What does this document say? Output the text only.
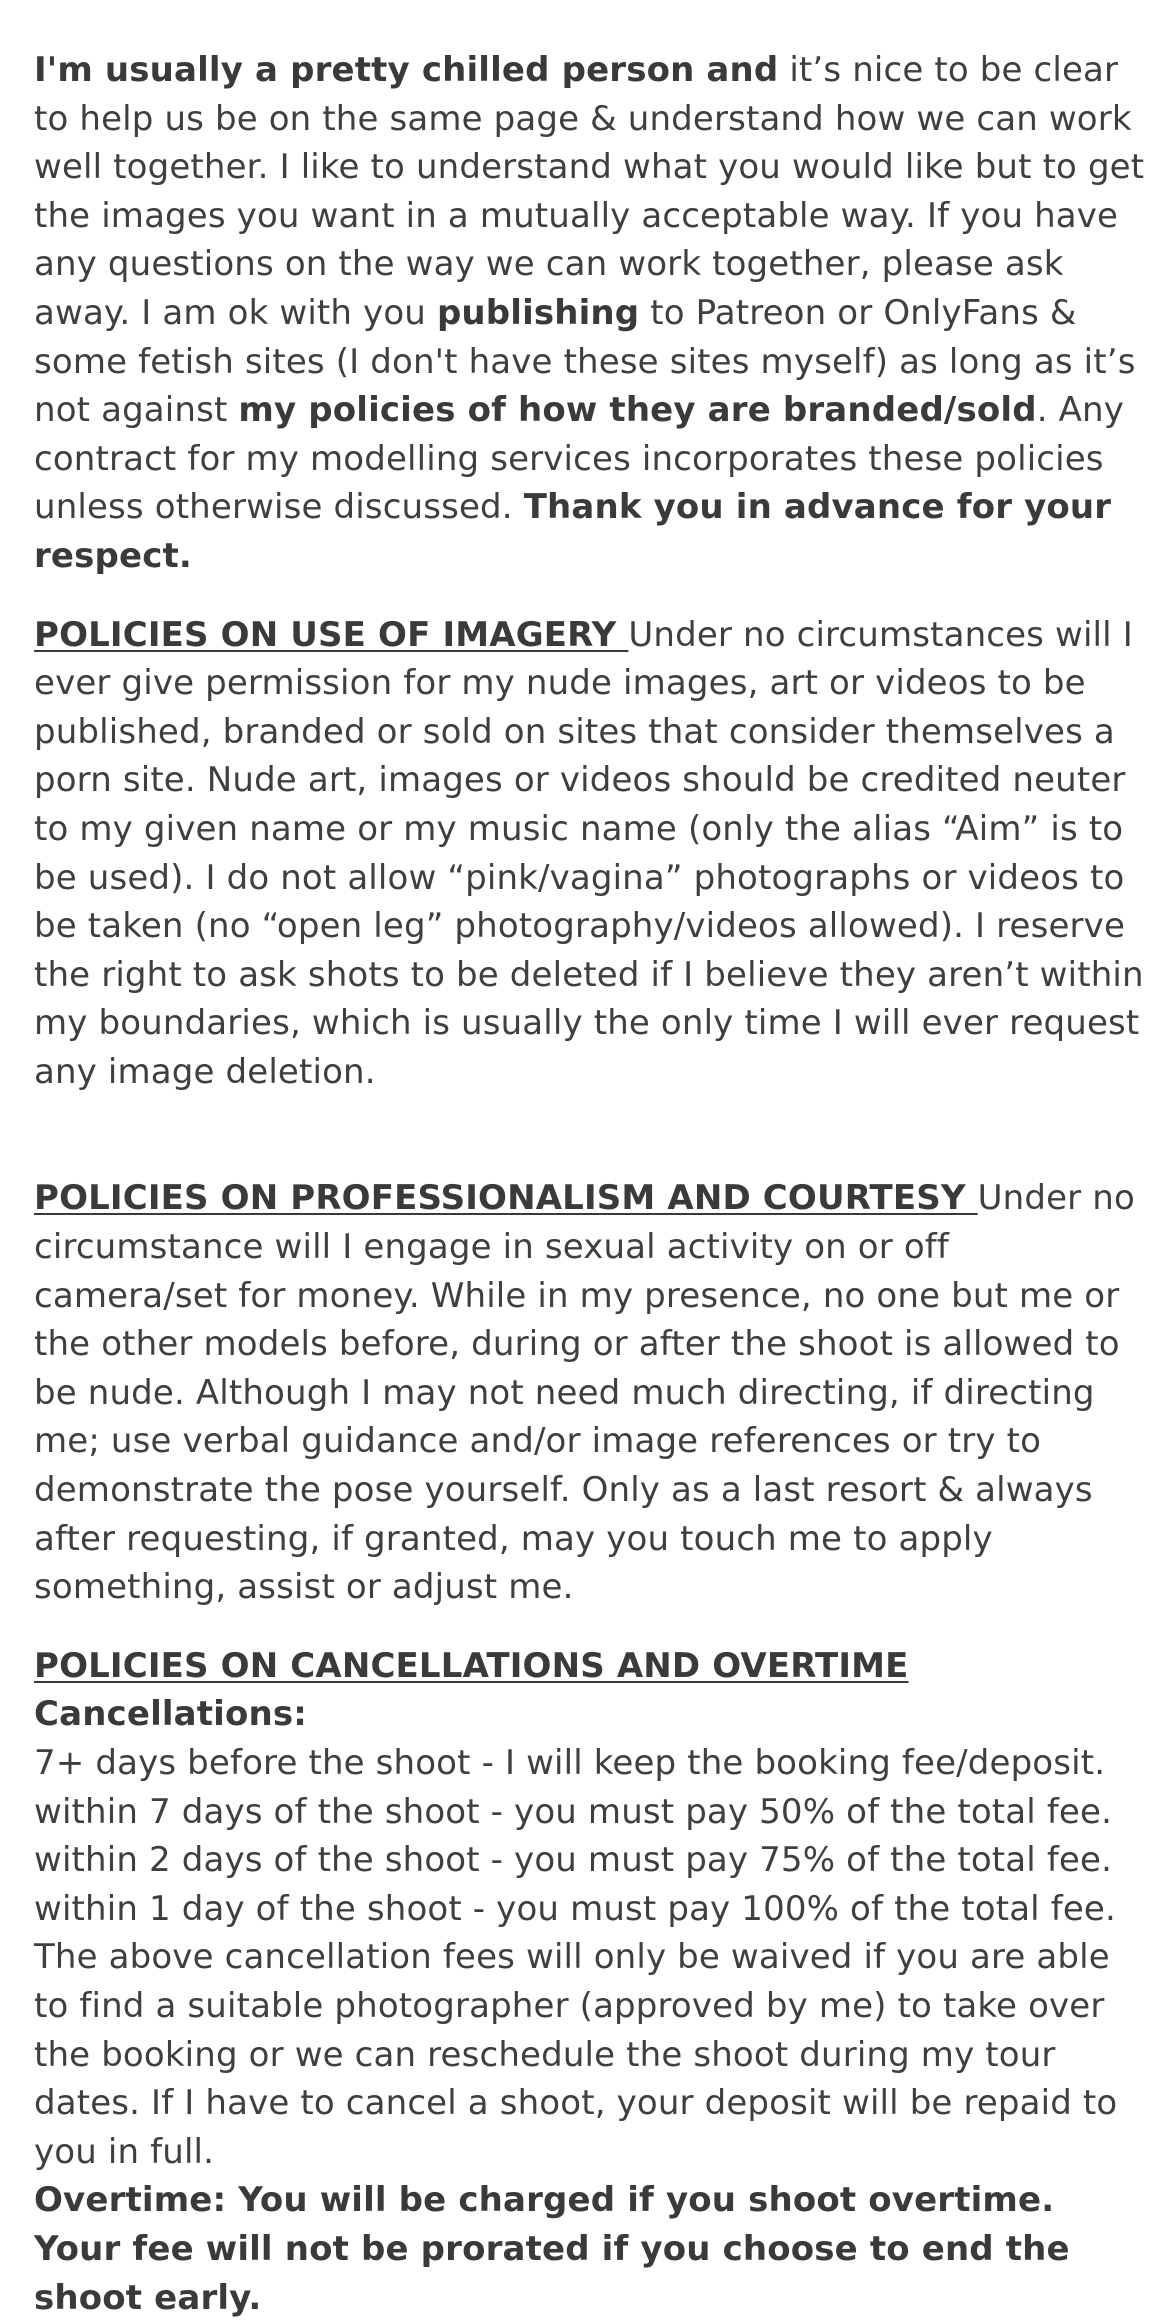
I'm usually a pretty chilled person and it’s nice to be clear to help us be on the same page & understand how we can work well together. I like to understand what you would like but to get the images you want in a mutually acceptable way. If you have any questions on the way we can work together, please ask away. I am ok with you publishing to Patreon or OnlyFans & some fetish sites (I don't have these sites myself) as long as it’s not against my policies of how they are branded/sold. Any contract for my modelling services incorporates these policies unless otherwise discussed. Thank you in advance for your respect.

POLICIES ON USE OF IMAGERY Under no circumstances will I ever give permission for my nude images, art or videos to be published, branded or sold on sites that consider themselves a porn site. Nude art, images or videos should be credited neuter to my given name or my music name (only the alias “Aim” is to be used). I do not allow “pink/vagina” photographs or videos to be taken (no “open leg” photography/videos allowed). I reserve the right to ask shots to be deleted if I believe they aren’t within my boundaries, which is usually the only time I will ever request any image deletion.

POLICIES ON PROFESSIONALISM AND COURTESY Under no circumstance will I engage in sexual activity on or off camera/set for money. While in my presence, no one but me or the other models before, during or after the shoot is allowed to be nude. Although I may not need much directing, if directing me; use verbal guidance and/or image references or try to demonstrate the pose yourself. Only as a last resort & always after requesting, if granted, may you touch me to apply something, assist or adjust me.

POLICIES ON CANCELLATIONS AND OVERTIME
Cancellations:
7+ days before the shoot - I will keep the booking fee/deposit.
within 7 days of the shoot - you must pay 50% of the total fee.
within 2 days of the shoot - you must pay 75% of the total fee.
within 1 day of the shoot - you must pay 100% of the total fee.
The above cancellation fees will only be waived if you are able to find a suitable photographer (approved by me) to take over the booking or we can reschedule the shoot during my tour dates. If I have to cancel a shoot, your deposit will be repaid to you in full.
Overtime: You will be charged if you shoot overtime. Your fee will not be prorated if you choose to end the shoot early.
